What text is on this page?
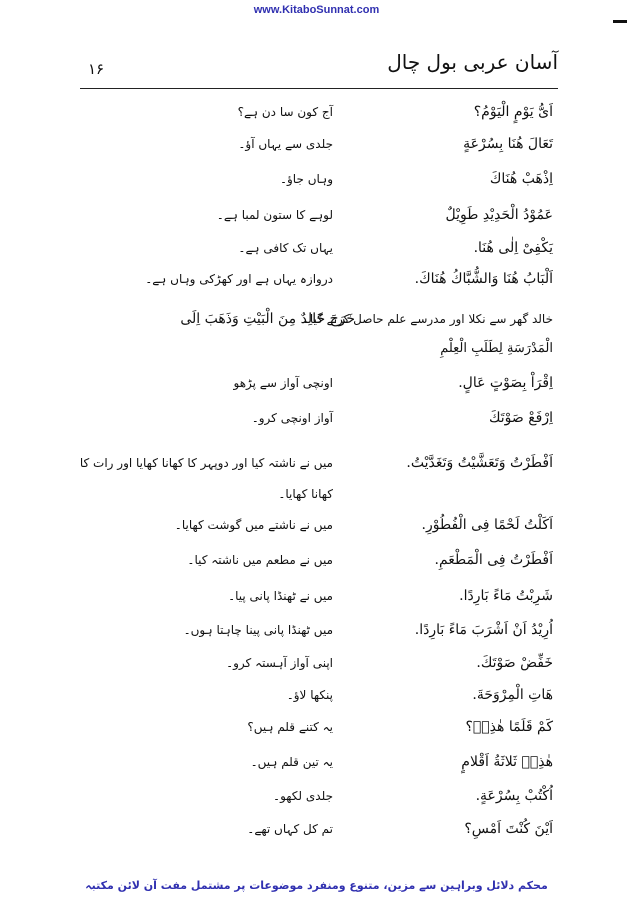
www.KitaboSunnat.com
۱۶	آسان عربی بول چال
اَیُّ یَوْمٍ الْیَوْمُ؟
آج کون سا دن ہے؟
تَعَالَ هُنَا بِسُرْعَةٍ
جلدی سے یہاں آؤ۔
اِذْهَبْ هُنَاكَ
وہاں جاؤ۔
عَمُوْدُ الْحَدِیْدِ طَوِیْلٌ
لوہے کا ستون لمبا ہے۔
یَکْفِیْ اِلٰی هُنَا.
یہاں تک کافی ہے۔
اَلْبَابُ هُنَا وَالشُّبَّاكُ هُنَاكَ.
دروازہ یہاں ہے اور کھڑکی وہاں ہے۔
خَرَجَ خَالِدٌ مِنَ الْبَیْتِ وَذَهَبَ اِلَی
خالد گھر سے نکلا اور مدرسے علم حاصل کرنے گیا۔
الْمَدْرَسَةِ لِطَلَبِ الْعِلْمِ
اِقْرَاْ بِصَوْتٍ عَالٍ.
اونچی آواز سے پڑھو
اِرْفَعْ صَوْتَكَ
آواز اونچی کرو۔
اَفْطَرْتُ وَتَعَشَّیْتُ وَتَغَدَّیْتُ.
میں نے ناشتہ کیا اور دوپہر کا کھانا کھایا اور رات کا
کھانا کھایا۔
اَکَلْتُ لَحْمًا فِی الْفُطُوْرِ.
میں نے ناشتے میں گوشت کھایا۔
اَفْطَرْتُ فِی الْمَطْعَمِ.
میں نے مطعم میں ناشتہ کیا۔
شَرِبْتُ مَاءً بَارِدًا.
میں نے ٹھنڈا پانی پیا۔
اُرِیْدُ اَنْ اَشْرَبَ مَاءً بَارِدًا.
میں ٹھنڈا پانی پینا چاہتا ہوں۔
خَفِّضْ صَوْتَكَ.
اپنی آواز آہستہ کرو۔
هَاتِ الْمِرْوَحَةَ.
پنکھا لاؤ۔
کَمْ قَلَمًا هٰذِهٖ؟
یہ کتنے قلم ہیں؟
هٰذِهٖ ثَلاثَةُ اَقْلامٍ
یہ تین قلم ہیں۔
اُکْتُبْ بِسُرْعَةٍ.
جلدی لکھو۔
اَیْنَ کُنْتَ اَمْسِ؟
تم کل کہاں تھے۔
محکم دلائل وبراہین سے مزین، متنوع ومنفرد موضوعات پر مشتمل مفت آن لائن مکتبہ
